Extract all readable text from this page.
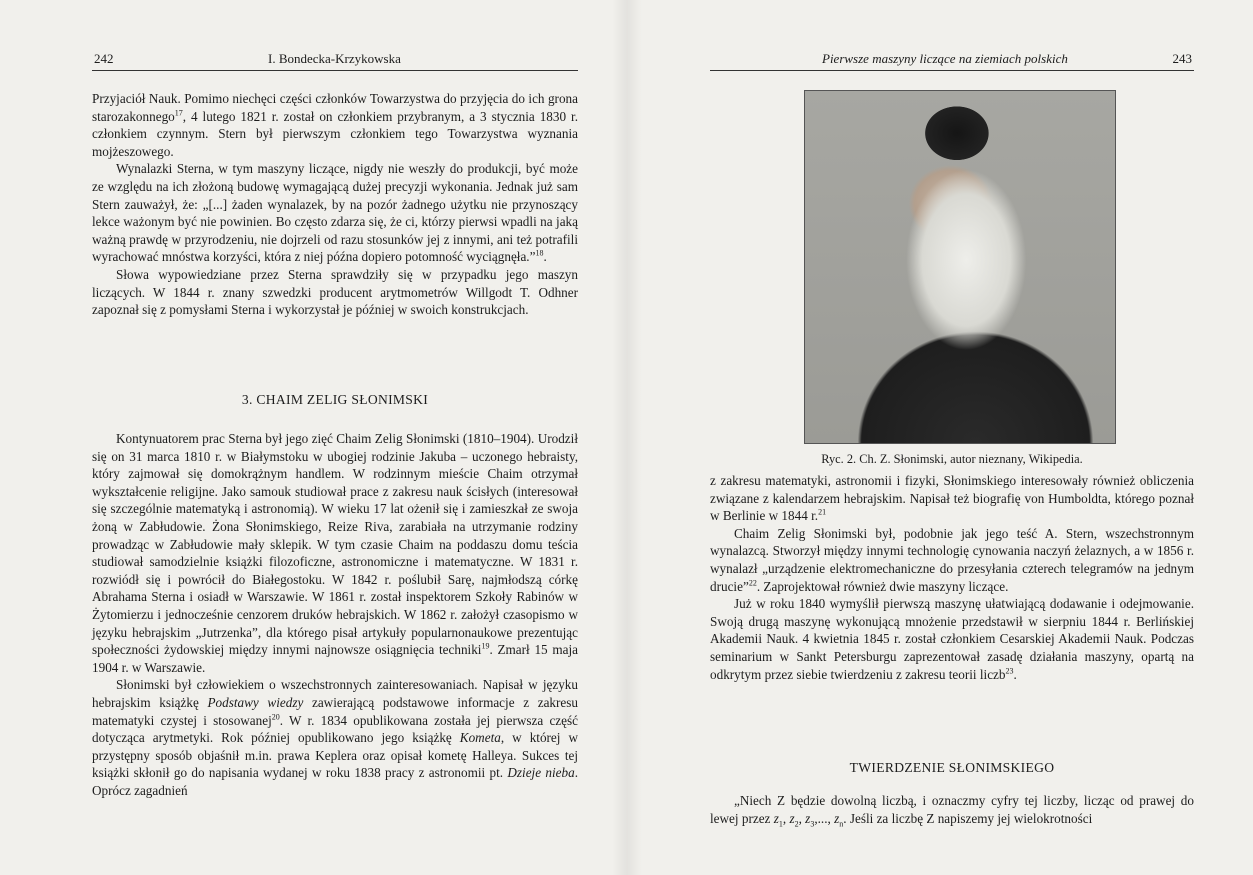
242	I. Bondecka-Krzykowska

Przyjaciół Nauk. Pomimo niechęci części członków Towarzystwa do przyjęcia do ich grona starozakonnego$^{17}$, 4 lutego 1821 r. został on członkiem przybranym, a 3 stycznia 1830 r. członkiem czynnym. Stern był pierwszym członkiem tego Towarzystwa wyznania mojżeszowego.

Wynalazki Sterna, w tym maszyny liczące, nigdy nie weszły do produkcji, być może ze względu na ich złożoną budowę wymagającą dużej precyzji wykonania. Jednak już sam Stern zauważył, że: „[...] żaden wynalazek, by na pozór żadnego użytku nie przynoszący lekce ważonym być nie powinien. Bo często zdarza się, że ci, którzy pierwsi wpadli na jaką ważną prawdę w przyrodzeniu, nie dojrzeli od razu stosunków jej z innymi, ani też potrafili wyrachować mnóstwa korzyści, która z niej późna dopiero potomność wyciągnęła.”$^{18}$.

Słowa wypowiedziane przez Sterna sprawdziły się w przypadku jego maszyn liczących. W 1844 r. znany szwedzki producent arytmometrów Willgodt T. Odhner zapoznał się z pomysłami Sterna i wykorzystał je później w swoich konstrukcjach.

3. CHAIM ZELIG SŁONIMSKI

Kontynuatorem prac Sterna był jego zięć Chaim Zelig Słonimski (1810–1904). Urodził się on 31 marca 1810 r. w Białymstoku w ubogiej rodzinie Jakuba – uczonego hebraisty, który zajmował się domokrążnym handlem. W rodzinnym mieście Chaim otrzymał wykształcenie religijne. Jako samouk studiował prace z zakresu nauk ścisłych (interesował się szczególnie matematyką i astronomią). W wieku 17 lat ożenił się i zamieszkał ze swoja żoną w Zabłudowie. Żona Słonimskiego, Reize Riva, zarabiała na utrzymanie rodziny prowadząc w Zabłudowie mały sklepik. W tym czasie Chaim na poddaszu domu teścia studiował samodzielnie książki filozoficzne, astronomiczne i matematyczne. W 1831 r. rozwiódł się i powrócił do Białegostoku. W 1842 r. poślubił Sarę, najmłodszą córkę Abrahama Sterna i osiadł w Warszawie. W 1861 r. został inspektorem Szkoły Rabinów w Żytomierzu i jednocześnie cenzorem druków hebrajskich. W 1862 r. założył czasopismo w języku hebrajskim „Jutrzenka”, dla którego pisał artykuły popularnonaukowe prezentując społeczności żydowskiej między innymi najnowsze osiągnięcia techniki$^{19}$. Zmarł 15 maja 1904 r. w Warszawie.

Słonimski był człowiekiem o wszechstronnych zainteresowaniach. Napisał w języku hebrajskim książkę Podstawy wiedzy zawierającą podstawowe informacje z zakresu matematyki czystej i stosowanej$^{20}$. W r. 1834 opublikowana została jej pierwsza część dotycząca arytmetyki. Rok później opublikowano jego książkę Kometa, w której w przystępny sposób objaśnił m.in. prawa Keplera oraz opisał kometę Halleya. Sukces tej książki skłonił go do napisania wydanej w roku 1838 pracy z astronomii pt. Dzieje nieba. Oprócz zagadnień

Pierwsze maszyny liczące na ziemiach polskich	243
Ryc. 2. Ch. Z. Słonimski, autor nieznany, Wikipedia.

z zakresu matematyki, astronomii i fizyki, Słonimskiego interesowały również obliczenia związane z kalendarzem hebrajskim. Napisał też biografię von Humboldta, którego poznał w Berlinie w 1844 r.$^{21}$

Chaim Zelig Słonimski był, podobnie jak jego teść A. Stern, wszechstronnym wynalazcą. Stworzył między innymi technologię cynowania naczyń żelaznych, a w 1856 r. wynalazł „urządzenie elektromechaniczne do przesyłania czterech telegramów na jednym drucie”$^{22}$. Zaprojektował również dwie maszyny liczące.

Już w roku 1840 wymyślił pierwszą maszynę ułatwiającą dodawanie i odejmowanie. Swoją drugą maszynę wykonującą mnożenie przedstawił w sierpniu 1844 r. Berlińskiej Akademii Nauk. 4 kwietnia 1845 r. został członkiem Cesarskiej Akademii Nauk. Podczas seminarium w Sankt Petersburgu zaprezentował zasadę działania maszyny, opartą na odkrytym przez siebie twierdzeniu z zakresu teorii liczb$^{23}$.

TWIERDZENIE SŁONIMSKIEGO

„Niech Z będzie dowolną liczbą, i oznaczmy cyfry tej liczby, licząc od prawej do lewej przez $z_1$, $z_2$, $z_3$,..., $z_n$. Jeśli za liczbę Z napiszemy jej wielokrotności
